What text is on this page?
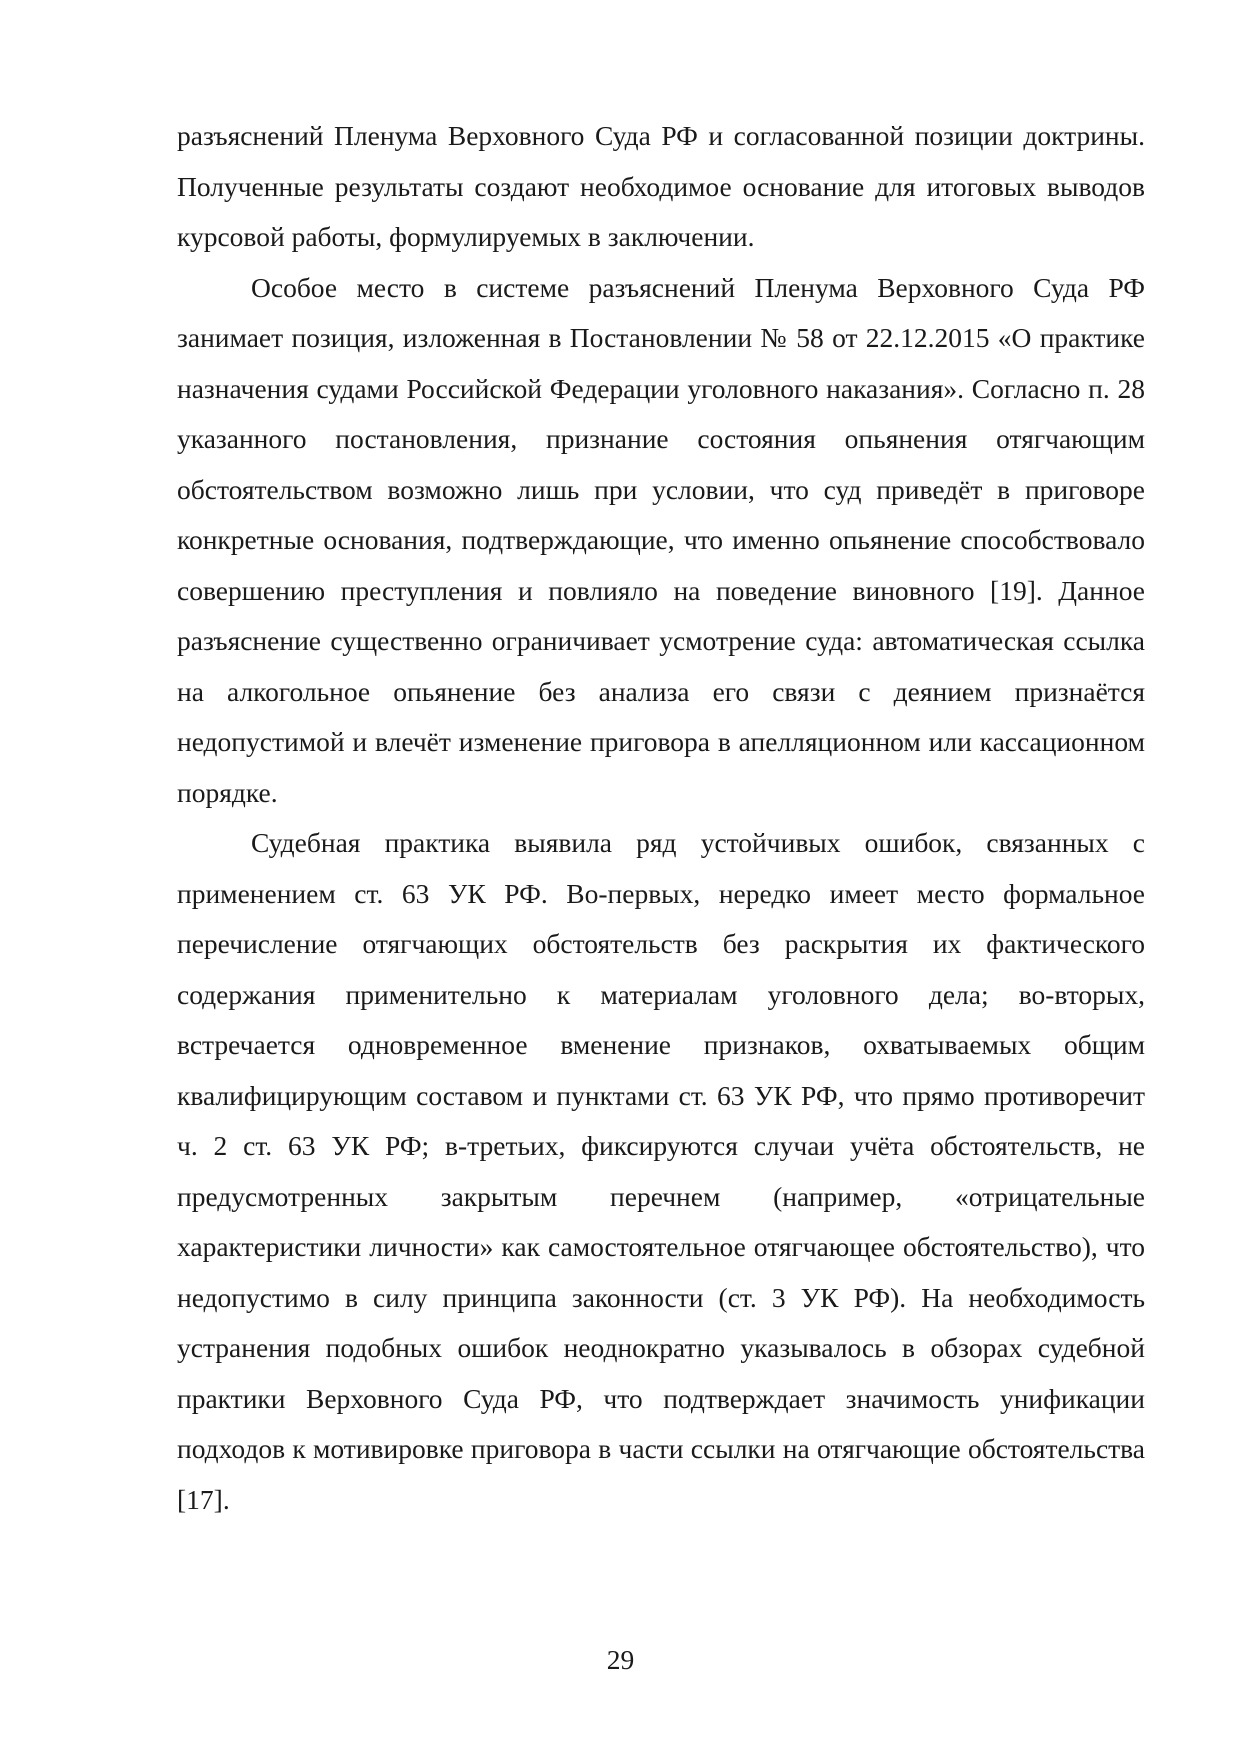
разъяснений Пленума Верховного Суда РФ и согласованной позиции доктрины. Полученные результаты создают необходимое основание для итоговых выводов курсовой работы, формулируемых в заключении.

Особое место в системе разъяснений Пленума Верховного Суда РФ занимает позиция, изложенная в Постановлении № 58 от 22.12.2015 «О практике назначения судами Российской Федерации уголовного наказания». Согласно п. 28 указанного постановления, признание состояния опьянения отягчающим обстоятельством возможно лишь при условии, что суд приведёт в приговоре конкретные основания, подтверждающие, что именно опьянение способствовало совершению преступления и повлияло на поведение виновного [19]. Данное разъяснение существенно ограничивает усмотрение суда: автоматическая ссылка на алкогольное опьянение без анализа его связи с деянием признаётся недопустимой и влечёт изменение приговора в апелляционном или кассационном порядке.

Судебная практика выявила ряд устойчивых ошибок, связанных с применением ст. 63 УК РФ. Во-первых, нередко имеет место формальное перечисление отягчающих обстоятельств без раскрытия их фактического содержания применительно к материалам уголовного дела; во-вторых, встречается одновременное вменение признаков, охватываемых общим квалифицирующим составом и пунктами ст. 63 УК РФ, что прямо противоречит ч. 2 ст. 63 УК РФ; в-третьих, фиксируются случаи учёта обстоятельств, не предусмотренных закрытым перечнем (например, «отрицательные характеристики личности» как самостоятельное отягчающее обстоятельство), что недопустимо в силу принципа законности (ст. 3 УК РФ). На необходимость устранения подобных ошибок неоднократно указывалось в обзорах судебной практики Верховного Суда РФ, что подтверждает значимость унификации подходов к мотивировке приговора в части ссылки на отягчающие обстоятельства [17].

29
